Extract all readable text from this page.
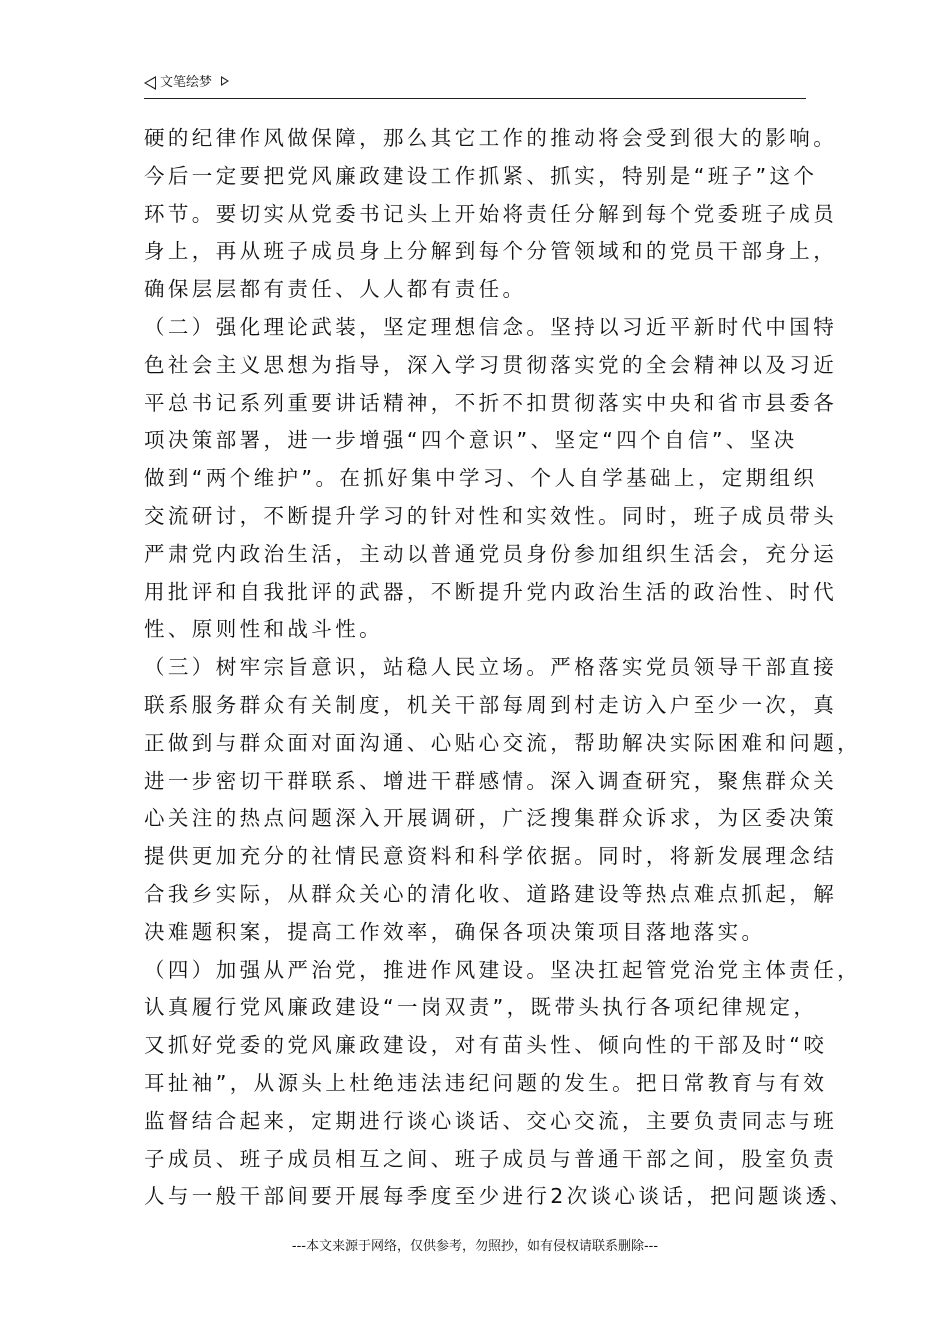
文笔绘梦
硬的纪律作风做保障，那么其它工作的推动将会受到很大的影响。
今后一定要把党风廉政建设工作抓紧、抓实，特别是“班子”这个
环节。要切实从党委书记头上开始将责任分解到每个党委班子成员
身上，再从班子成员身上分解到每个分管领域和的党员干部身上，
确保层层都有责任、人人都有责任。
（二）强化理论武装，坚定理想信念。坚持以习近平新时代中国特
色社会主义思想为指导，深入学习贯彻落实党的全会精神以及习近
平总书记系列重要讲话精神，不折不扣贯彻落实中央和省市县委各
项决策部署，进一步增强“四个意识”、坚定“四个自信”、坚决
做到“两个维护”。在抓好集中学习、个人自学基础上，定期组织
交流研讨，不断提升学习的针对性和实效性。同时，班子成员带头
严肃党内政治生活，主动以普通党员身份参加组织生活会，充分运
用批评和自我批评的武器，不断提升党内政治生活的政治性、时代
性、原则性和战斗性。
（三）树牢宗旨意识，站稳人民立场。严格落实党员领导干部直接
联系服务群众有关制度，机关干部每周到村走访入户至少一次，真
正做到与群众面对面沟通、心贴心交流，帮助解决实际困难和问题，
进一步密切干群联系、增进干群感情。深入调查研究，聚焦群众关
心关注的热点问题深入开展调研，广泛搜集群众诉求，为区委决策
提供更加充分的社情民意资料和科学依据。同时，将新发展理念结
合我乡实际，从群众关心的清化收、道路建设等热点难点抓起，解
决难题积案，提高工作效率，确保各项决策项目落地落实。
（四）加强从严治党，推进作风建设。坚决扛起管党治党主体责任，
认真履行党风廉政建设“一岗双责”，既带头执行各项纪律规定，
又抓好党委的党风廉政建设，对有苗头性、倾向性的干部及时“咬
耳扯袖”，从源头上杜绝违法违纪问题的发生。把日常教育与有效
监督结合起来，定期进行谈心谈话、交心交流，主要负责同志与班
子成员、班子成员相互之间、班子成员与普通干部之间，股室负责
人与一般干部间要开展每季度至少进行2次谈心谈话，把问题谈透、
---本文来源于网络，仅供参考，勿照抄，如有侵权请联系删除---
